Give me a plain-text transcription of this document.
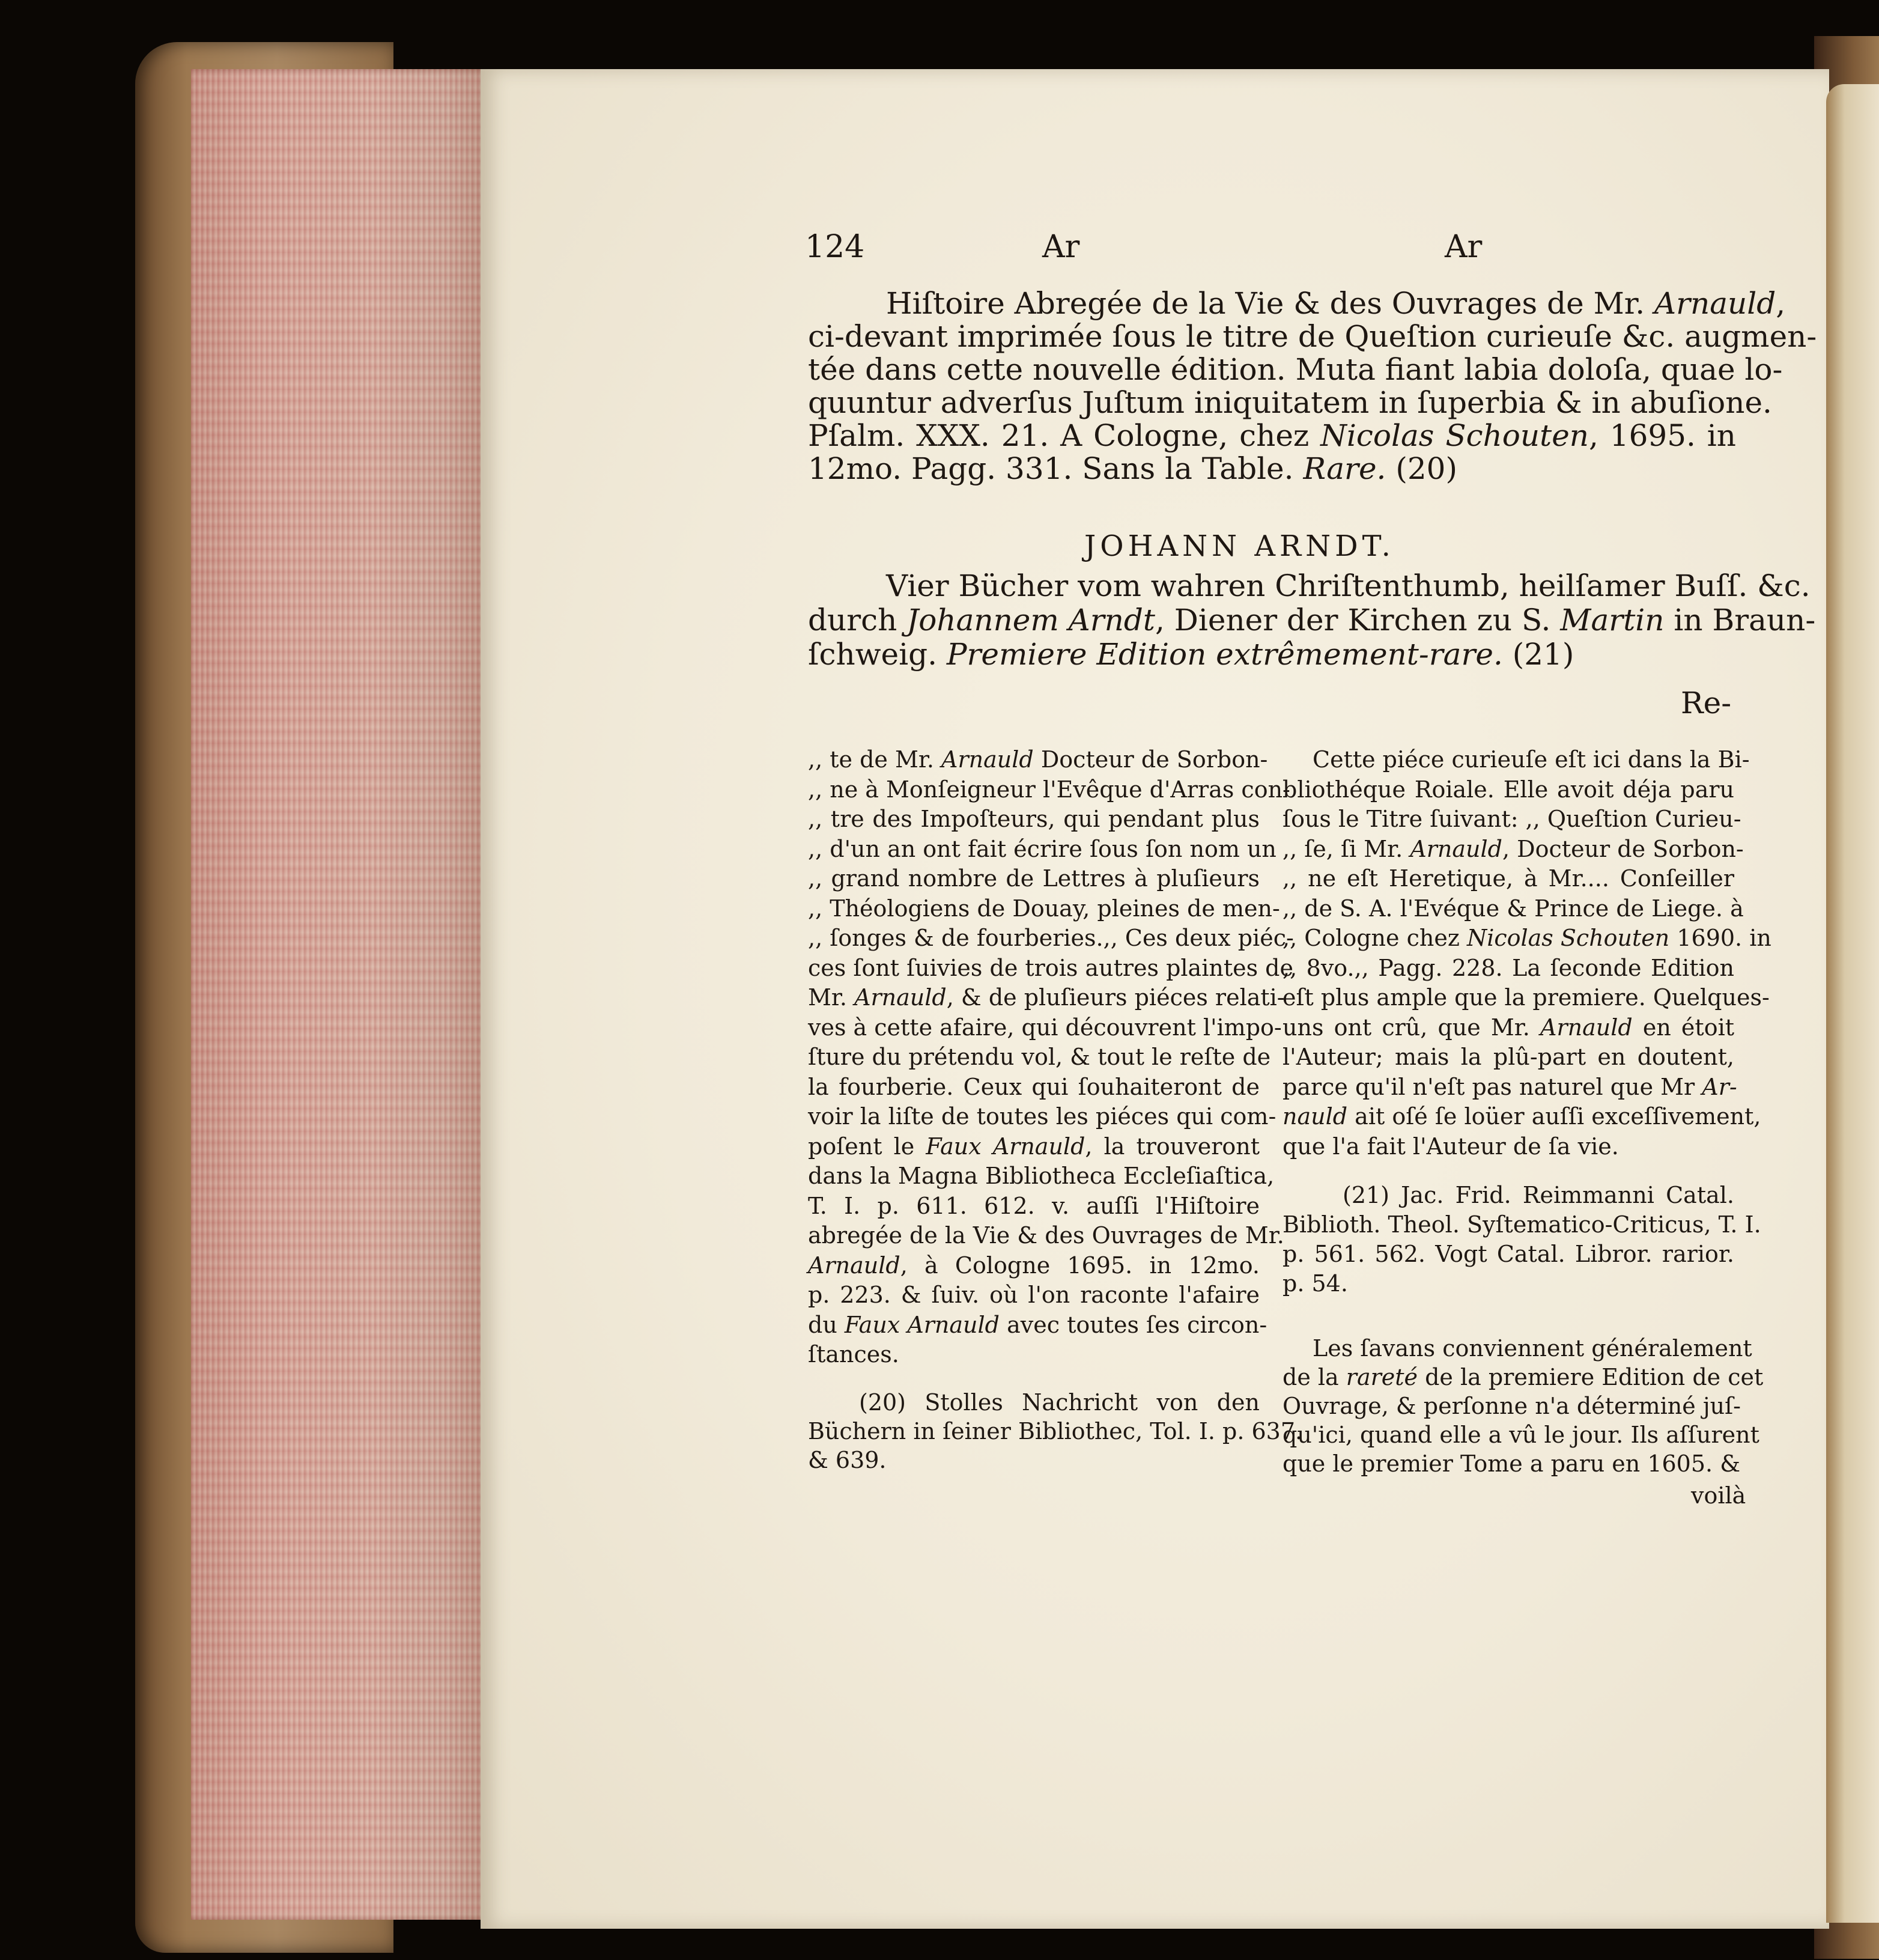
124	Ar	Ar
Hiſtoire Abregée de la Vie & des Ouvrages de Mr. Arnauld,
ci-devant imprimée ſous le titre de Queſtion curieuſe &c. augmen-
tée dans cette nouvelle édition. Muta fiant labia doloſa, quae lo-
quuntur adverſus Juſtum iniquitatem in ſuperbia & in abuſione.
Pſalm. XXX. 21. A Cologne, chez Nicolas Schouten, 1695. in
12mo. Pagg. 331. Sans la Table. Rare. (20)
JOHANN ARNDT.
Vier Bücher vom wahren Chriſtenthumb, heilſamer Buſſ. &c.
durch Johannem Arndt, Diener der Kirchen zu S. Martin in Braun-
ſchweig. Premiere Edition extrêmement-rare. (21)
Re-
,, te de Mr. Arnauld Docteur de Sorbon-
,, ne à Monſeigneur l'Evêque d'Arras con-
,, tre des Impoſteurs, qui pendant plus
,, d'un an ont fait écrire ſous ſon nom un
,, grand nombre de Lettres à pluſieurs
,, Théologiens de Douay, pleines de men-
,, ſonges & de fourberies.,, Ces deux piéc-
ces ſont ſuivies de trois autres plaintes de
Mr. Arnauld, & de pluſieurs piéces relati-
ves à cette afaire, qui découvrent l'impo-
ſture du prétendu vol, & tout le reſte de
la fourberie. Ceux qui ſouhaiteront de
voir la liſte de toutes les piéces qui com-
poſent le Faux Arnauld, la trouveront
dans la Magna Bibliotheca Eccleſiaſtica,
T. I. p. 611. 612. v. auſſi l'Hiſtoire
abregée de la Vie & des Ouvrages de Mr.
Arnauld, à Cologne 1695. in 12mo.
p. 223. & ſuiv. où l'on raconte l'afaire
du Faux Arnauld avec toutes ſes circon-
ſtances.
(20) Stolles Nachricht von den
Büchern in ſeiner Bibliothec, Tol. I. p. 637.
& 639.
Cette piéce curieuſe eſt ici dans la Bi-
bliothéque Roiale. Elle avoit déja paru
ſous le Titre ſuivant: ,, Queſtion Curieu-
,, ſe, ſi Mr. Arnauld, Docteur de Sorbon-
,, ne eſt Heretique, à Mr.... Conſeiller
,, de S. A. l'Evéque & Prince de Liege. à
,, Cologne chez Nicolas Schouten 1690. in
,, 8vo.,, Pagg. 228. La ſeconde Edition
eſt plus ample que la premiere. Quelques-
uns ont crû, que Mr. Arnauld en étoit
l'Auteur; mais la plû-part en doutent,
parce qu'il n'eſt pas naturel que Mr Ar-
nauld ait oſé ſe loüer auſſi exceſſivement,
que l'a fait l'Auteur de ſa vie.
(21) Jac. Frid. Reimmanni Catal.
Biblioth. Theol. Syſtematico-Criticus, T. I.
p. 561. 562. Vogt Catal. Libror. rarior.
p. 54.
Les ſavans conviennent généralement
de la rareté de la premiere Edition de cet
Ouvrage, & perſonne n'a déterminé juſ-
qu'ici, quand elle a vû le jour. Ils aſſurent
que le premier Tome a paru en 1605. &
voilà
